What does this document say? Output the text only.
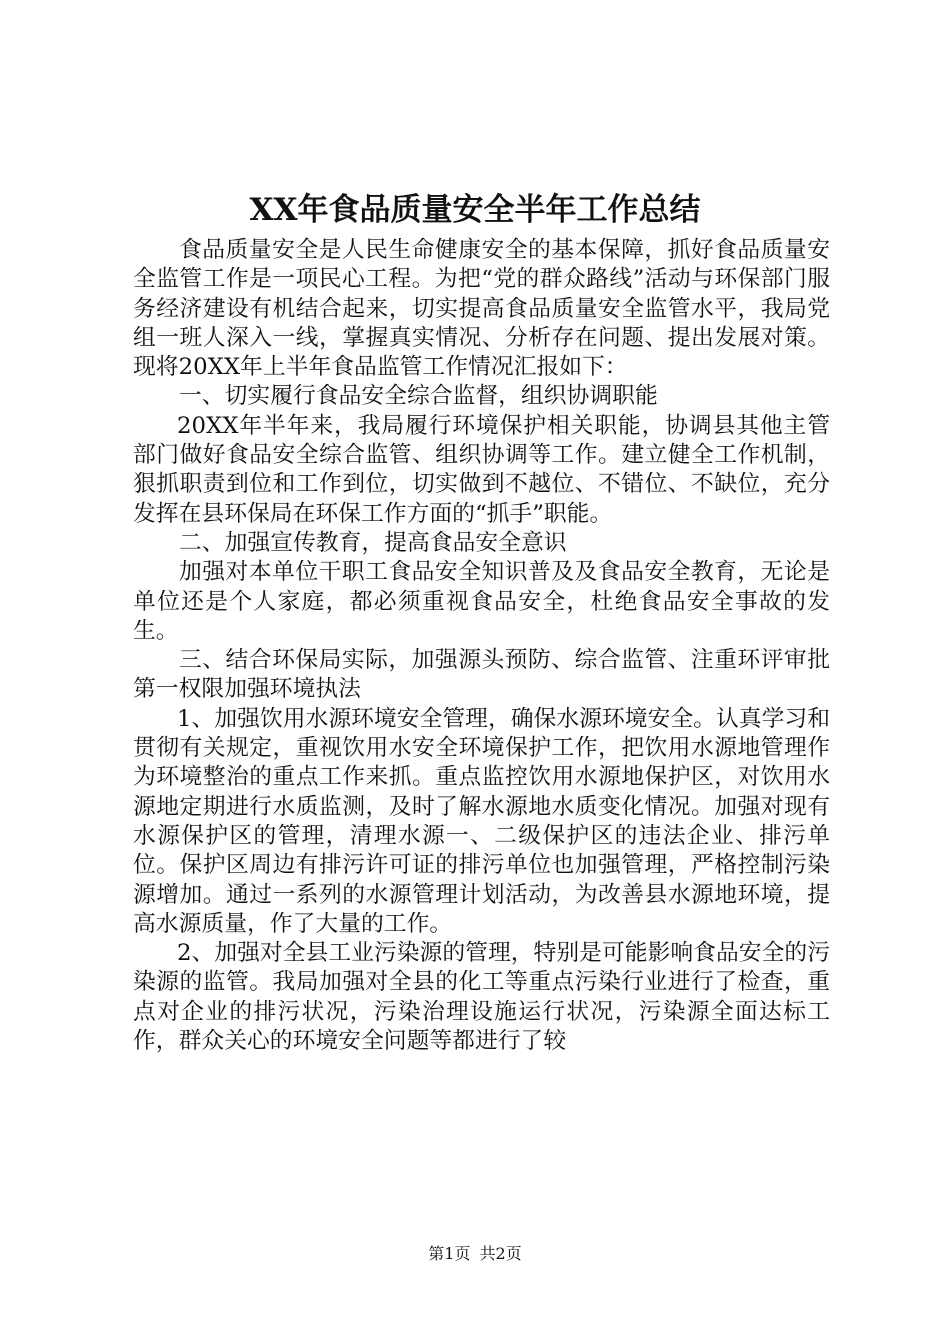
XX年食品质量安全半年工作总结

食品质量安全是人民生命健康安全的基本保障，抓好食品质量安全监管工作是一项民心工程。为把“党的群众路线”活动与环保部门服务经济建设有机结合起来，切实提高食品质量安全监管水平，我局党组一班人深入一线，掌握真实情况、分析存在问题、提出发展对策。现将20XX年上半年食品监管工作情况汇报如下：

一、切实履行食品安全综合监督，组织协调职能

20XX年半年来，我局履行环境保护相关职能，协调县其他主管部门做好食品安全综合监管、组织协调等工作。建立健全工作机制，狠抓职责到位和工作到位，切实做到不越位、不错位、不缺位，充分发挥在县环保局在环保工作方面的“抓手”职能。

二、加强宣传教育，提高食品安全意识

加强对本单位干职工食品安全知识普及及食品安全教育，无论是单位还是个人家庭，都必须重视食品安全，杜绝食品安全事故的发生。

三、结合环保局实际，加强源头预防、综合监管、注重环评审批第一权限加强环境执法

1、加强饮用水源环境安全管理，确保水源环境安全。认真学习和贯彻有关规定，重视饮用水安全环境保护工作，把饮用水源地管理作为环境整治的重点工作来抓。重点监控饮用水源地保护区，对饮用水源地定期进行水质监测，及时了解水源地水质变化情况。加强对现有水源保护区的管理，清理水源一、二级保护区的违法企业、排污单位。保护区周边有排污许可证的排污单位也加强管理，严格控制污染源增加。通过一系列的水源管理计划活动，为改善县水源地环境，提高水源质量，作了大量的工作。

2、加强对全县工业污染源的管理，特别是可能影响食品安全的污染源的监管。我局加强对全县的化工等重点污染行业进行了检查，重点对企业的排污状况，污染治理设施运行状况，污染源全面达标工作，群众关心的环境安全问题等都进行了较

第1页 共2页
